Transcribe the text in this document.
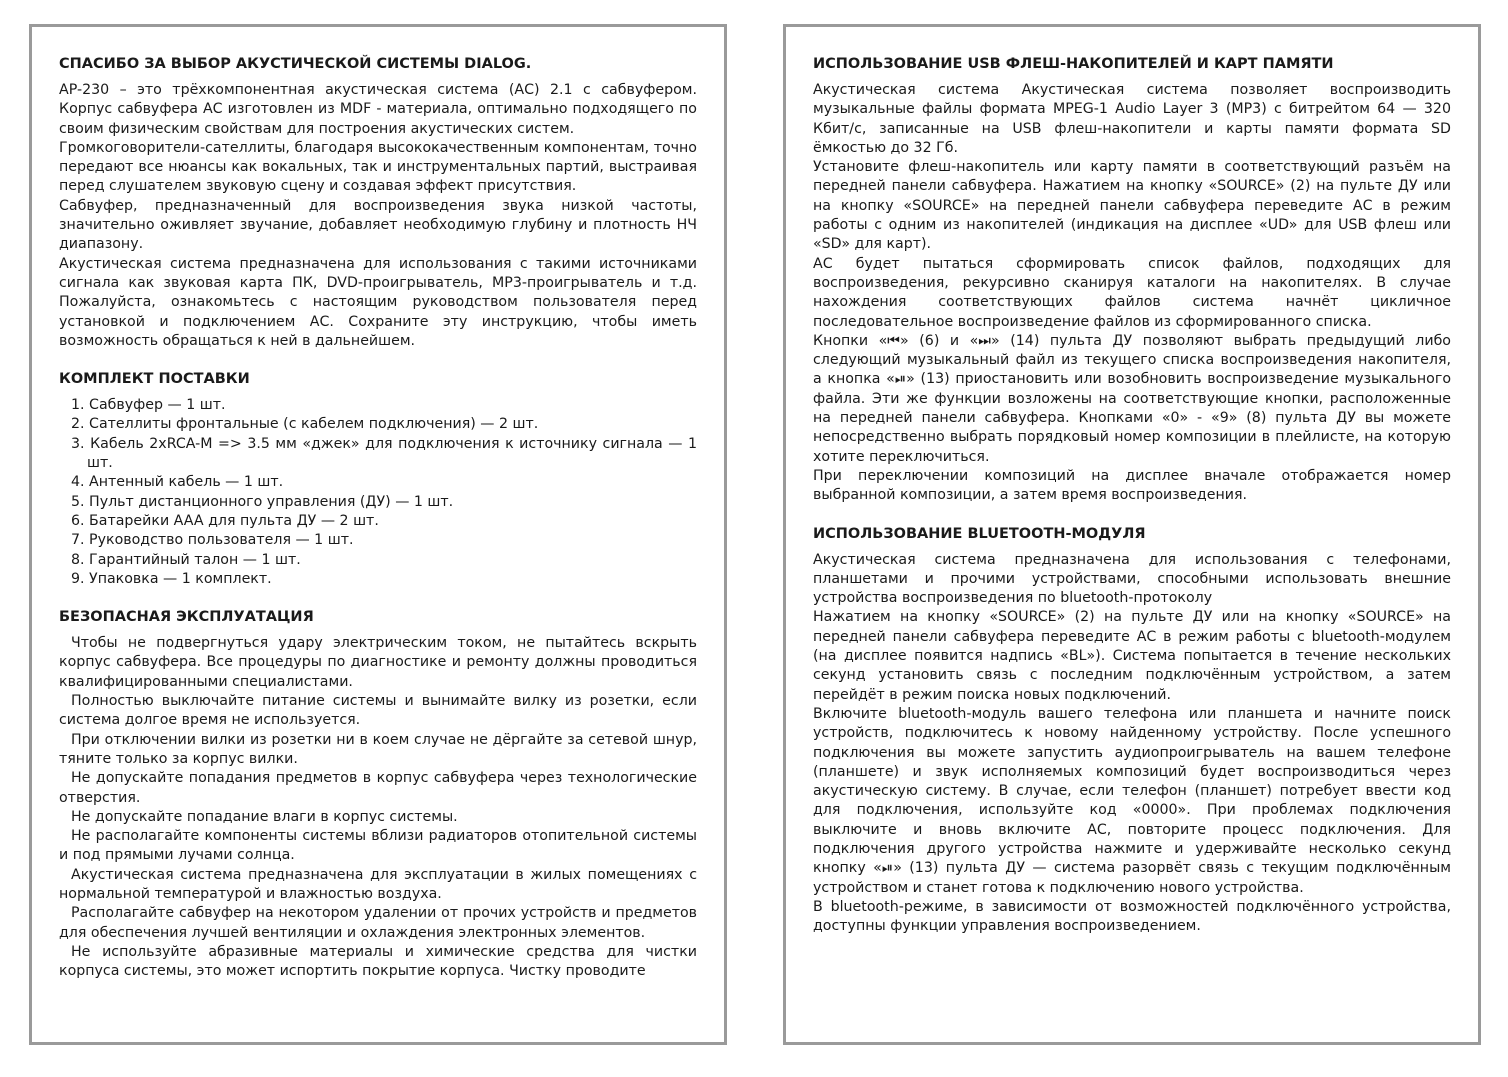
СПАСИБО ЗА ВЫБОР АКУСТИЧЕСКОЙ СИСТЕМЫ DIALOG.

AP-230 – это трёхкомпонентная акустическая система (АС) 2.1 с сабвуфером. Корпус сабвуфера АС изготовлен из MDF - материала, оптимально подходящего по своим физическим свойствам для построения акустических систем.

Громкоговорители-сателлиты, благодаря высококачественным компонентам, точно передают все нюансы как вокальных, так и инструментальных партий, выстраивая перед слушателем звуковую сцену и создавая эффект присутствия.

Сабвуфер, предназначенный для воспроизведения звука низкой частоты, значительно оживляет звучание, добавляет необходимую глубину и плотность НЧ диапазону.

Акустическая система предназначена для использования с такими источниками сигнала как звуковая карта ПК, DVD-проигрыватель, MP3-проигрыватель и т.д. Пожалуйста, ознакомьтесь с настоящим руководством пользователя перед установкой и подключением АС. Сохраните эту инструкцию, чтобы иметь возможность обращаться к ней в дальнейшем.

КОМПЛЕКТ ПОСТАВКИ
1. Сабвуфер — 1 шт.
2. Сателлиты фронтальные (с кабелем подключения) — 2 шт.
3. Кабель 2xRCA-M => 3.5 мм «джек» для подключения к источнику сигнала — 1 шт.
4. Антенный кабель — 1 шт.
5. Пульт дистанционного управления (ДУ) — 1 шт.
6. Батарейки AAA для пульта ДУ — 2 шт.
7. Руководство пользователя — 1 шт.
8. Гарантийный талон — 1 шт.
9. Упаковка — 1 комплект.
БЕЗОПАСНАЯ ЭКСПЛУАТАЦИЯ

Чтобы не подвергнуться удару электрическим током, не пытайтесь вскрыть корпус сабвуфера. Все процедуры по диагностике и ремонту должны проводиться квалифицированными специалистами.

Полностью выключайте питание системы и вынимайте вилку из розетки, если система долгое время не используется.

При отключении вилки из розетки ни в коем случае не дёргайте за сетевой шнур, тяните только за корпус вилки.

Не допускайте попадания предметов в корпус сабвуфера через технологические отверстия.

Не допускайте попадание влаги в корпус системы.

Не располагайте компоненты системы вблизи радиаторов отопительной системы и под прямыми лучами солнца.

Акустическая система предназначена для эксплуатации в жилых помещениях с нормальной температурой и влажностью воздуха.

Располагайте сабвуфер на некотором удалении от прочих устройств и предметов для обеспечения лучшей вентиляции и охлаждения электронных элементов.

Не используйте абразивные материалы и химические средства для чистки корпуса системы, это может испортить покрытие корпуса. Чистку проводите

ИСПОЛЬЗОВАНИЕ USB ФЛЕШ-НАКОПИТЕЛЕЙ И КАРТ ПАМЯТИ

Акустическая система Акустическая система позволяет воспроизводить музыкальные файлы формата MPEG-1 Audio Layer 3 (MP3) с битрейтом 64 — 320 Кбит/с, записанные на USB флеш-накопители и карты памяти формата SD ёмкостью до 32 Гб.

Установите флеш-накопитель или карту памяти в соответствующий разъём на передней панели сабвуфера. Нажатием на кнопку «SOURCE» (2) на пульте ДУ или на кнопку «SOURCE» на передней панели сабвуфера переведите АС в режим работы с одним из накопителей (индикация на дисплее «UD» для USB флеш или «SD» для карт).

АС будет пытаться сформировать список файлов, подходящих для воспроизведения, рекурсивно сканируя каталоги на накопителях. В случае нахождения соответствующих файлов система начнёт цикличное последовательное воспроизведение файлов из сформированного списка.

Кнопки «⏮» (6) и «⏭» (14) пульта ДУ позволяют выбрать предыдущий либо следующий музыкальный файл из текущего списка воспроизведения накопителя, а кнопка «⏯» (13) приостановить или возобновить воспроизведение музыкального файла. Эти же функции возложены на соответствующие кнопки, расположенные на передней панели сабвуфера. Кнопками «0» - «9» (8) пульта ДУ вы можете непосредственно выбрать порядковый номер композиции в плейлисте, на которую хотите переключиться.

При переключении композиций на дисплее вначале отображается номер выбранной композиции, а затем время воспроизведения.

ИСПОЛЬЗОВАНИЕ BLUETOOTH-МОДУЛЯ

Акустическая система предназначена для использования с телефонами, планшетами и прочими устройствами, способными использовать внешние устройства воспроизведения по bluetooth-протоколу

Нажатием на кнопку «SOURCE» (2) на пульте ДУ или на кнопку «SOURCE» на передней панели сабвуфера переведите АС в режим работы с bluetooth-модулем (на дисплее появится надпись «BL»). Система попытается в течение нескольких секунд установить связь с последним подключённым устройством, а затем перейдёт в режим поиска новых подключений.

Включите bluetooth-модуль вашего телефона или планшета и начните поиск устройств, подключитесь к новому найденному устройству. После успешного подключения вы можете запустить аудиопроигрыватель на вашем телефоне (планшете) и звук исполняемых композиций будет воспроизводиться через акустическую систему. В случае, если телефон (планшет) потребует ввести код для подключения, используйте код «0000». При проблемах подключения выключите и вновь включите АС, повторите процесс подключения. Для подключения другого устройства нажмите и удерживайте несколько секунд кнопку «⏯» (13) пульта ДУ — система разорвёт связь с текущим подключённым устройством и станет готова к подключению нового устройства.

В bluetooth-режиме, в зависимости от возможностей подключённого устройства, доступны функции управления воспроизведением.
